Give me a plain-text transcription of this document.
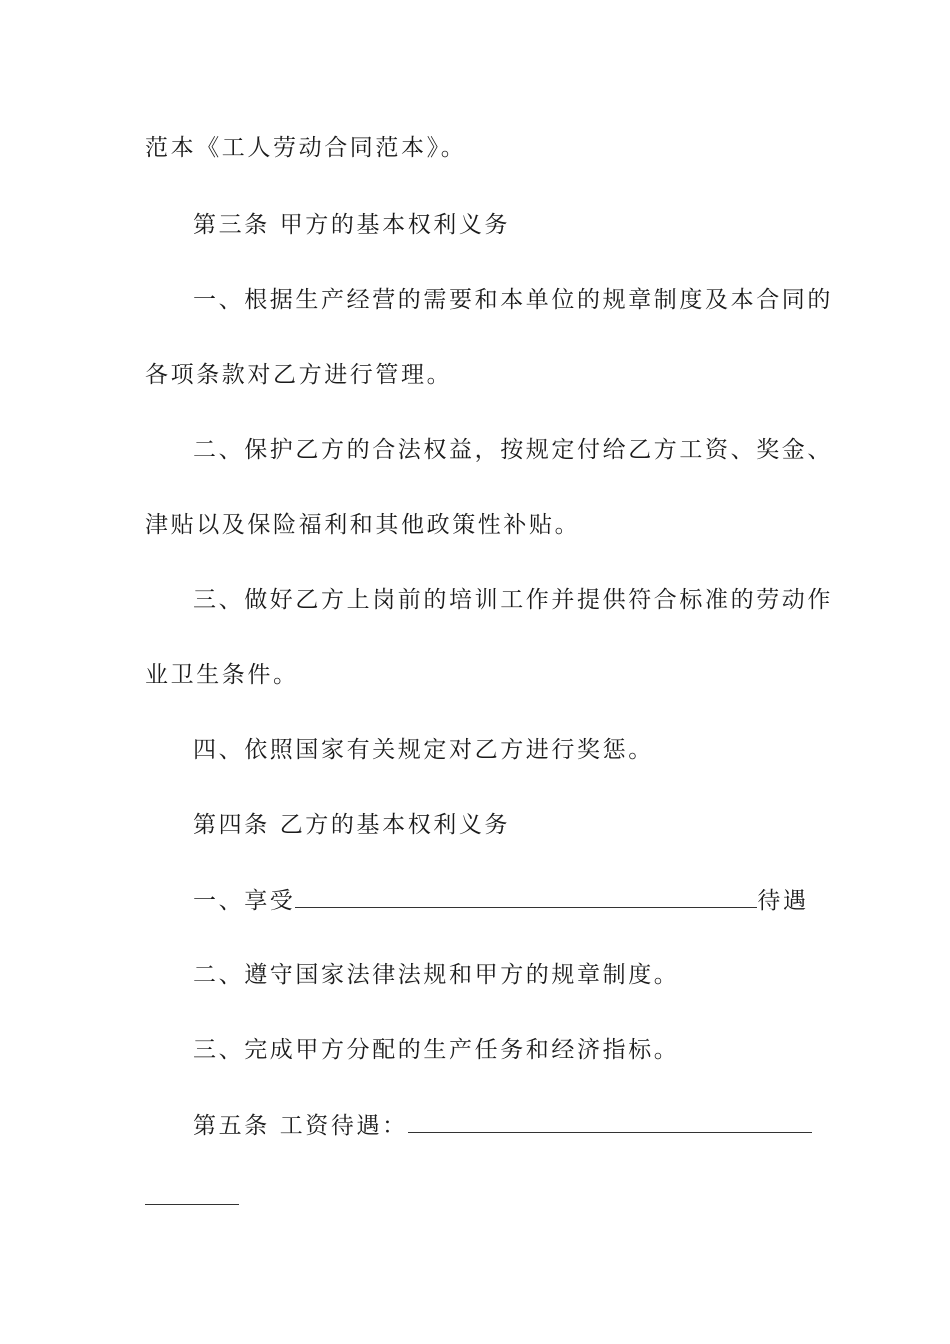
范本《工人劳动合同范本》。
第三条 甲方的基本权利义务
一、根据生产经营的需要和本单位的规章制度及本合同的
各项条款对乙方进行管理。
二、保护乙方的合法权益，按规定付给乙方工资、奖金、
津贴以及保险福利和其他政策性补贴。
三、做好乙方上岗前的培训工作并提供符合标准的劳动作
业卫生条件。
四、依照国家有关规定对乙方进行奖惩。
第四条 乙方的基本权利义务
一、享受	待遇
二、遵守国家法律法规和甲方的规章制度。
三、完成甲方分配的生产任务和经济指标。
第五条 工资待遇：
